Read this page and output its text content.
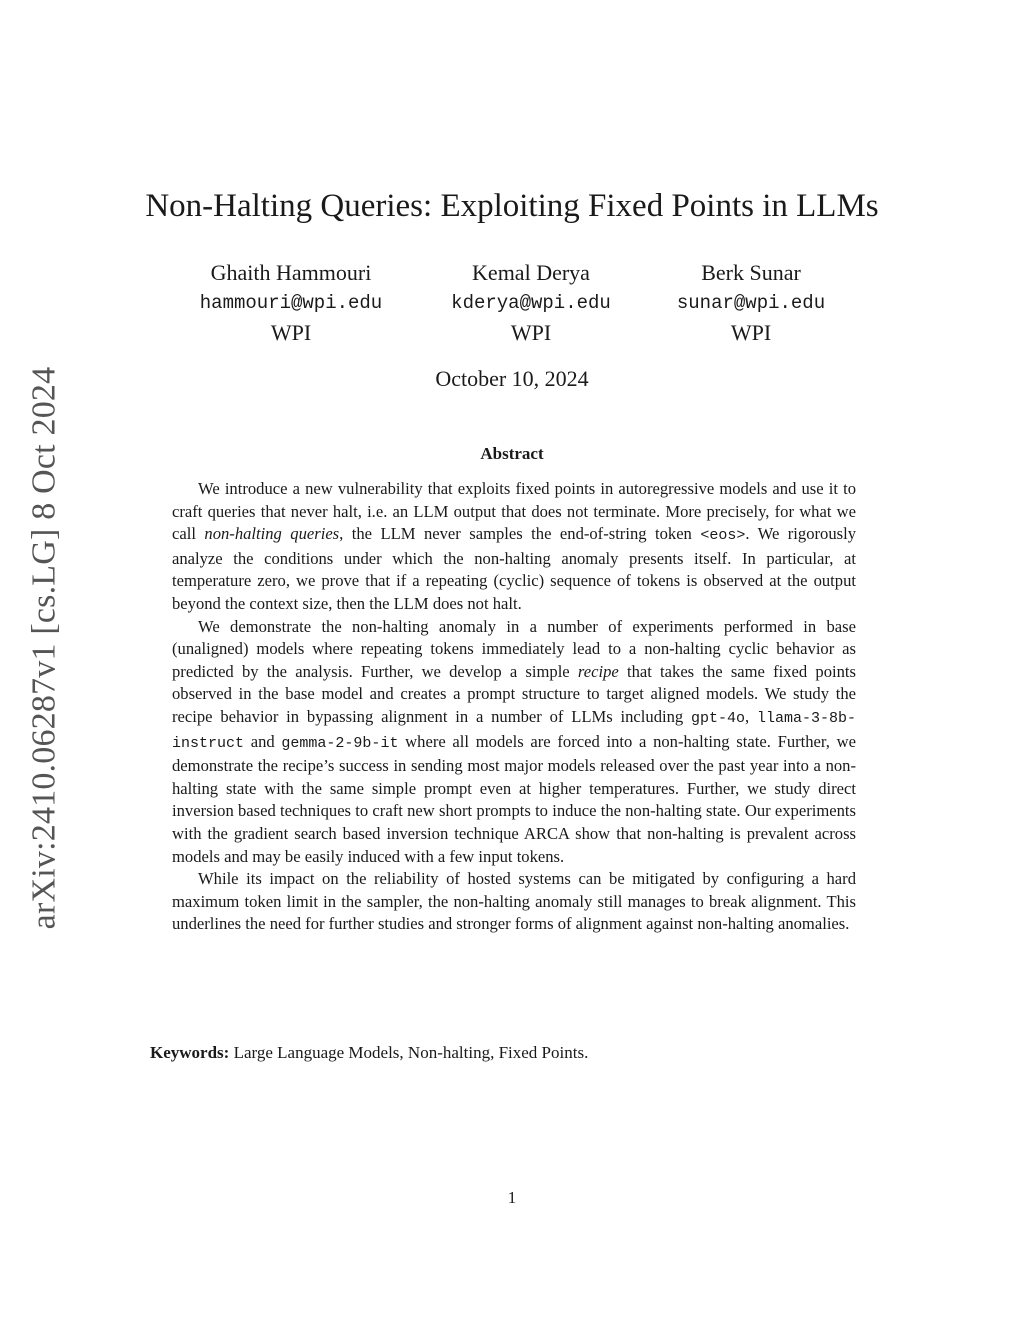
arXiv:2410.06287v1 [cs.LG] 8 Oct 2024
Non-Halting Queries: Exploiting Fixed Points in LLMs
Ghaith Hammouri
hammouri@wpi.edu
WPI
Kemal Derya
kderya@wpi.edu
WPI
Berk Sunar
sunar@wpi.edu
WPI
October 10, 2024
Abstract

We introduce a new vulnerability that exploits fixed points in autoregressive models and use it to craft queries that never halt, i.e. an LLM output that does not terminate. More precisely, for what we call non-halting queries, the LLM never samples the end-of-string token <eos>. We rigorously analyze the conditions under which the non-halting anomaly presents itself. In particular, at temperature zero, we prove that if a repeating (cyclic) sequence of tokens is observed at the output beyond the context size, then the LLM does not halt.

We demonstrate the non-halting anomaly in a number of experiments performed in base (unaligned) models where repeating tokens immediately lead to a non-halting cyclic behavior as predicted by the analysis. Further, we develop a simple recipe that takes the same fixed points observed in the base model and creates a prompt structure to target aligned models. We study the recipe behavior in bypassing alignment in a number of LLMs including gpt-4o, llama-3-8b-instruct and gemma-2-9b-it where all models are forced into a non-halting state. Further, we demonstrate the recipe’s success in sending most major models released over the past year into a non-halting state with the same simple prompt even at higher temperatures. Further, we study direct inversion based techniques to craft new short prompts to induce the non-halting state. Our experiments with the gradient search based inversion technique ARCA show that non-halting is prevalent across models and may be easily induced with a few input tokens.

While its impact on the reliability of hosted systems can be mitigated by configuring a hard maximum token limit in the sampler, the non-halting anomaly still manages to break alignment. This underlines the need for further studies and stronger forms of alignment against non-halting anomalies.

Keywords: Large Language Models, Non-halting, Fixed Points.
1
